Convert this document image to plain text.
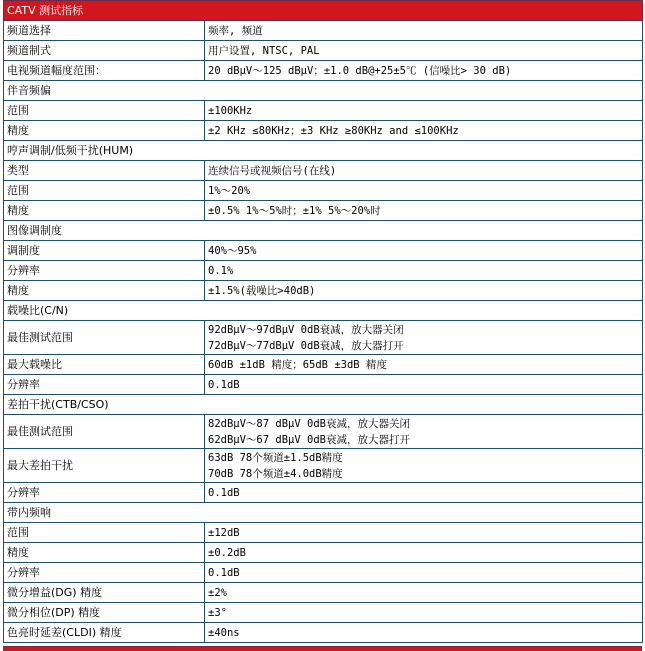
CATV 测试指标	
频道选择	频率, 频道

频道制式	用户设置, NTSC, PAL

电视频道幅度范围：	20 dBμV～125 dBμV；±1.0 dB@+25±5℃ (信噪比> 30 dB)

伴音频偏	
范围	±100KHz

精度	±2 KHz ≤80KHz；±3 KHz ≥80KHz and ≤100KHz

哼声调制/低频干扰(HUM)	
类型	连续信号或视频信号(在线)

范围	1%～20%

精度	±0.5% 1%～5%时；±1% 5%～20%时

图像调制度	
调制度	40%～95%

分辨率	0.1%

精度	±1.5%(载噪比>40dB)

载噪比(C/N)	
最佳测试范围	92dBμV～97dBμV 0dB衰减，放大器关闭
72dBμV～77dBμV 0dB衰减，放大器打开

最大载噪比	60dB ±1dB 精度；65dB ±3dB 精度

分辨率	0.1dB

差拍干扰(CTB/CSO)	
最佳测试范围	82dBμV～87 dBμV 0dB衰减，放大器关闭
62dBμV～67 dBμV 0dB衰减，放大器打开

最大差拍干扰	63dB 78个频道±1.5dB精度
70dB 78个频道±4.0dB精度

分辨率	0.1dB

带内频响	
范围	±12dB

精度	±0.2dB

分辨率	0.1dB

微分增益(DG) 精度	±2%

微分相位(DP) 精度	±3°

色亮时延差(CLDI) 精度	±40ns
